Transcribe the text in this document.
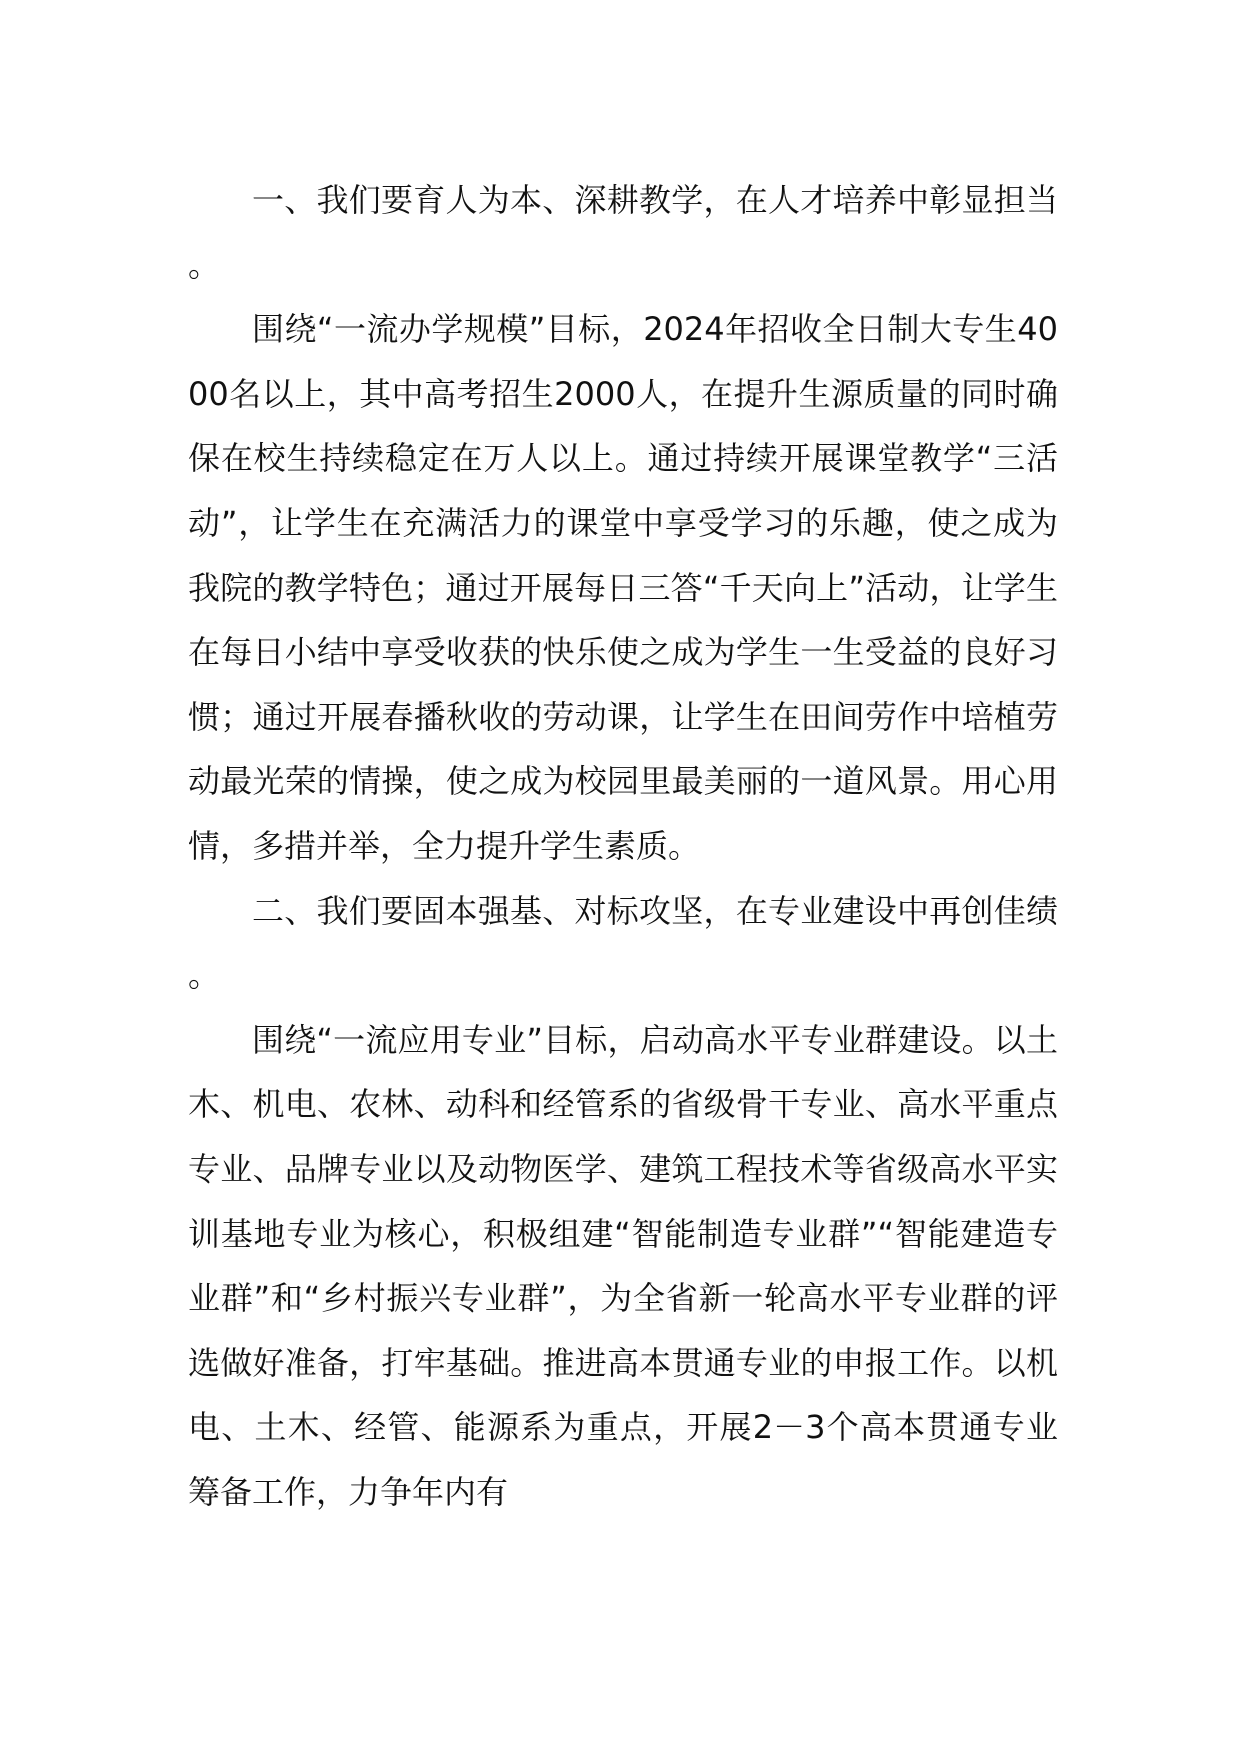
一、我们要育人为本、深耕教学，在人才培养中彰显担当。

围绕“一流办学规模”目标，2024年招收全日制大专生4000名以上，其中高考招生2000人，在提升生源质量的同时确保在校生持续稳定在万人以上。通过持续开展课堂教学“三活动”，让学生在充满活力的课堂中享受学习的乐趣，使之成为我院的教学特色；通过开展每日三答“千天向上”活动，让学生在每日小结中享受收获的快乐使之成为学生一生受益的良好习惯；通过开展春播秋收的劳动课，让学生在田间劳作中培植劳动最光荣的情操，使之成为校园里最美丽的一道风景。用心用情，多措并举，全力提升学生素质。

二、我们要固本强基、对标攻坚，在专业建设中再创佳绩。

围绕“一流应用专业”目标，启动高水平专业群建设。以土木、机电、农林、动科和经管系的省级骨干专业、高水平重点专业、品牌专业以及动物医学、建筑工程技术等省级高水平实训基地专业为核心，积极组建“智能制造专业群”“智能建造专业群”和“乡村振兴专业群”，为全省新一轮高水平专业群的评选做好准备，打牢基础。推进高本贯通专业的申报工作。以机电、土木、经管、能源系为重点，开展2－3个高本贯通专业筹备工作，力争年内有
